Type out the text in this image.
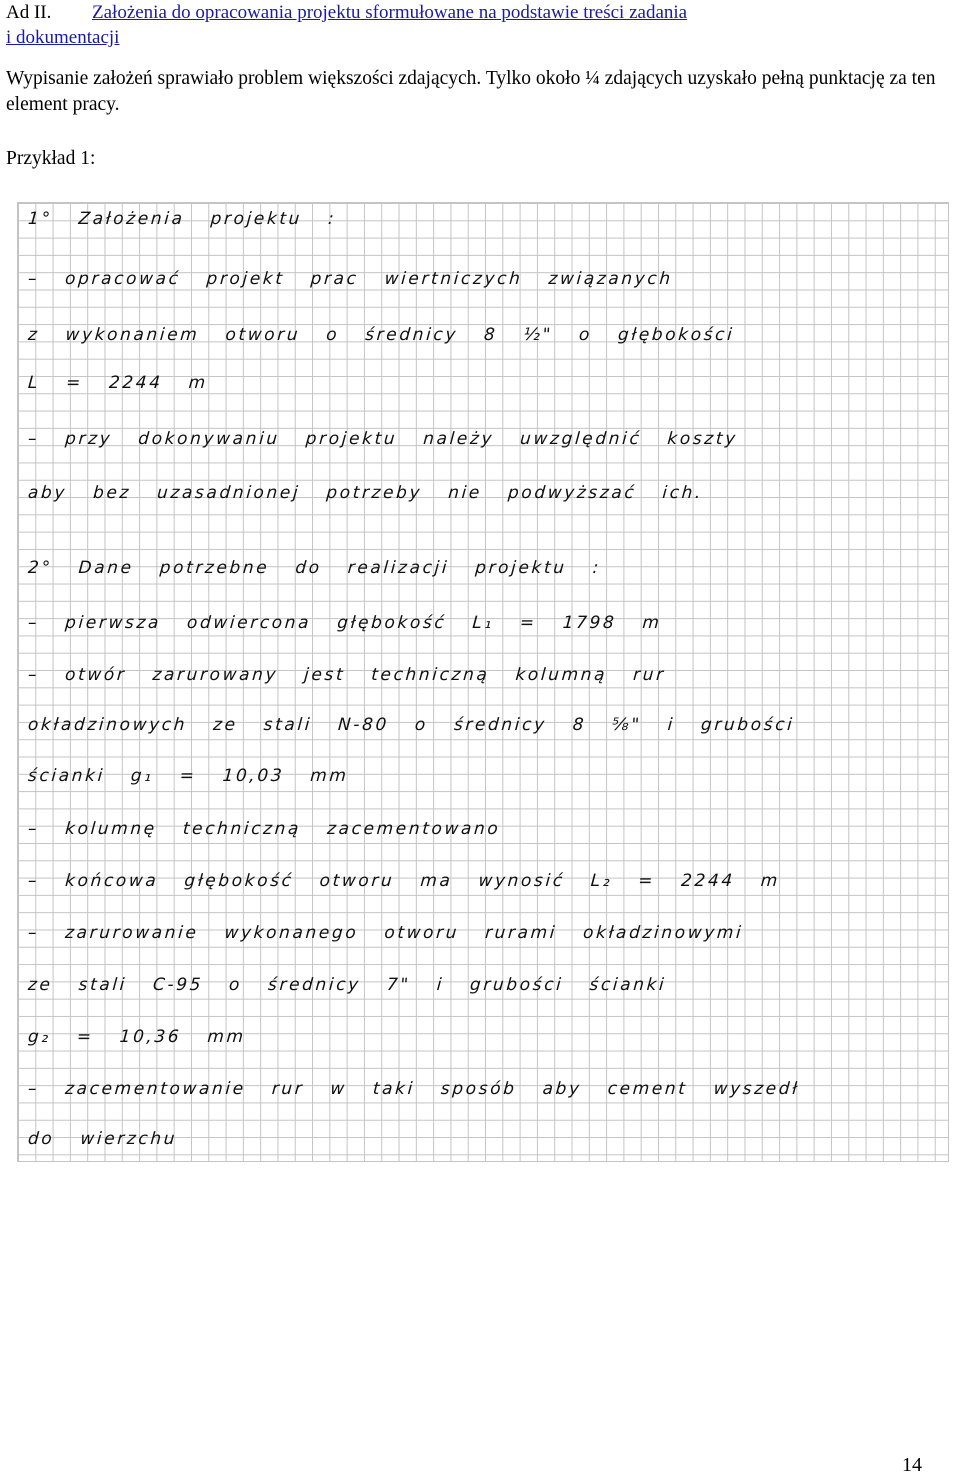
Ad II. Założenia do opracowania projektu sformułowane na podstawie treści zadania
i dokumentacji
Wypisanie założeń sprawiało problem większości zdających. Tylko około ¼ zdających uzyskało pełną punktację za ten element pracy.
Przykład 1:
1° Założenia projektu :
– opracować projekt prac wiertniczych związanych
z wykonaniem otworu o średnicy 8 ½" o głębokości
L = 2244 m
– przy dokonywaniu projektu należy uwzględnić koszty
aby bez uzasadnionej potrzeby nie podwyższać ich.
2° Dane potrzebne do realizacji projektu :
– pierwsza odwiercona głębokość L₁ = 1798 m
– otwór zarurowany jest techniczną kolumną rur
okładzinowych ze stali N-80 o średnicy 8 ⅝" i grubości
ścianki g₁ = 10,03 mm
– kolumnę techniczną zacementowano
– końcowa głębokość otworu ma wynosić L₂ = 2244 m
– zarurowanie wykonanego otworu rurami okładzinowymi
ze stali C-95 o średnicy 7" i grubości ścianki
g₂ = 10,36 mm
– zacementowanie rur w taki sposób aby cement wyszedł
do wierzchu
14
